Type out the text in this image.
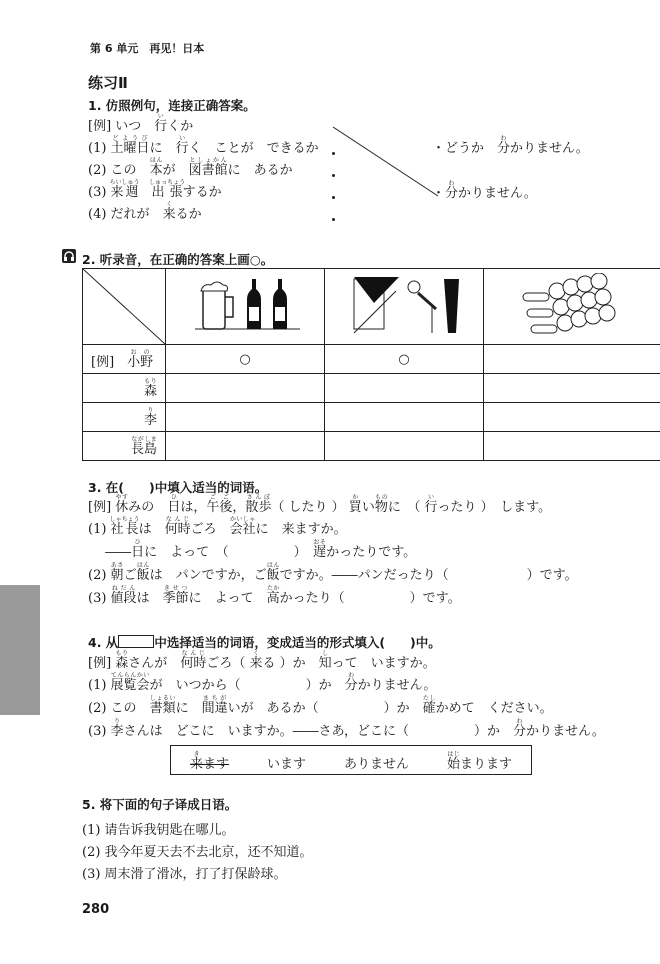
第 6 单元　再见！日本
练习Ⅱ
1. 仿照例句，连接正确答案。
[例] いつ　行いくか
(1) 土曜日どようびに　行いく　ことが　できるか
(2) この　本ほんが　図書館としょかんに　あるか
(3) 来週らいしゅう　出張しゅっちょうするか
(4) だれが　来くるか
・どうか　分わかりません。
・分わかりません。
2. 听录音，在正确的答案上画○。

[例]　小野おの	○	○	
森もり						
李り						
長島ながしま						
3. 在(　　)中填入适当的词语。
[例] 休やすみの　日ひは，午後ごご，散歩さんぽ（ したり ） 買かい物ものに　（ 行いったり ）　します。
(1) 社長しゃちょうは　何時なんじごろ　会社かいしゃに　来ますか。
　 ――日ひに　よって　（　　　　　）　遅おそかったりです。
(2) 朝あさご飯はんは　パンですか，ご飯はんですか。――パンだったり（　　　　　　）です。
(3) 値段ねだんは　季節きせつに　よって　高たかかったり（　　　　　）です。
4. 从	中选择适当的词语，变成适当的形式填入(　　)中。
[例] 森もりさんが　何時なんじごろ（ 来くる ）か　知しって　いますか。
(1) 展覧会てんらんかいが　いつから（　　　　　）か　分わかりません。
(2) この　書類しょるいに　間違まちがいが　あるか（　　　　　）か　確たしかめて　ください。
(3) 李りさんは　どこに　いますか。――さあ，どこに（　　　　　）か　分わかりません。
来きます	います	ありません	始はじまります
5. 将下面的句子译成日语。
(1) 请告诉我钥匙在哪儿。
(2) 我今年夏天去不去北京，还不知道。
(3) 周末滑了滑冰，打了打保龄球。
280
